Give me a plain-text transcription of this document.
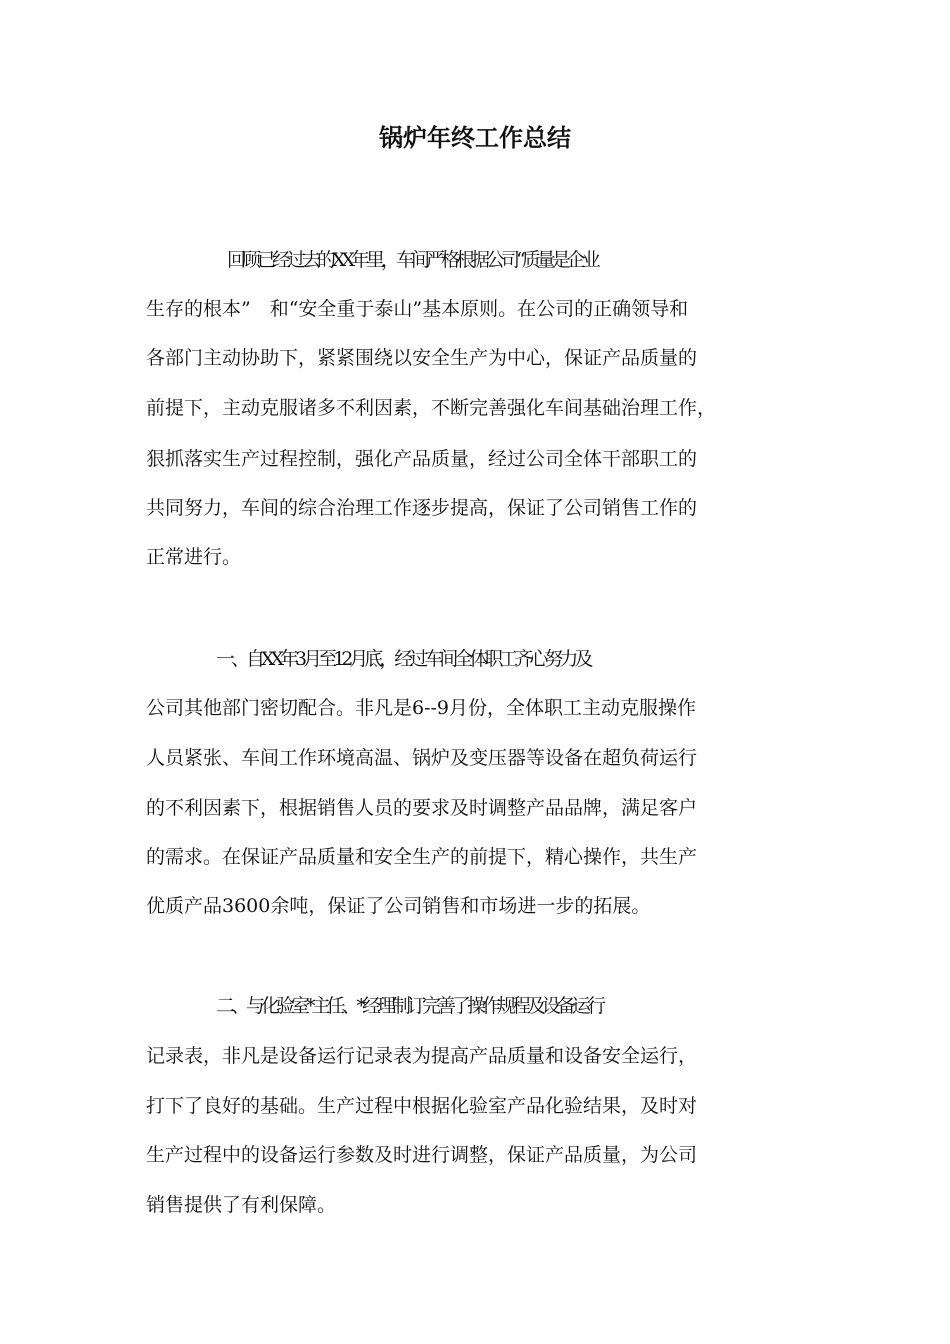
锅炉年终工作总结

回顾已经过去的XX年里，车间严格根据公司“质量是企业

生存的根本”　和“安全重于泰山”基本原则。在公司的正确领导和

各部门主动协助下，紧紧围绕以安全生产为中心，保证产品质量的

前提下，主动克服诸多不利因素，不断完善强化车间基础治理工作，

狠抓落实生产过程控制，强化产品质量，经过公司全体干部职工的

共同努力，车间的综合治理工作逐步提高，保证了公司销售工作的

正常进行。

一、自XX年3月至12月底，经过车间全体职工齐心努力及

公司其他部门密切配合。非凡是6--9月份，全体职工主动克服操作

人员紧张、车间工作环境高温、锅炉及变压器等设备在超负荷运行

的不利因素下，根据销售人员的要求及时调整产品品牌，满足客户

的需求。在保证产品质量和安全生产的前提下，精心操作，共生产

优质产品3600余吨，保证了公司销售和市场进一步的拓展。

二、与化验室*主任、*经理制订完善了操作规程及设备运行

记录表，非凡是设备运行记录表为提高产品质量和设备安全运行，

打下了良好的基础。生产过程中根据化验室产品化验结果，及时对

生产过程中的设备运行参数及时进行调整，保证产品质量，为公司

销售提供了有利保障。
